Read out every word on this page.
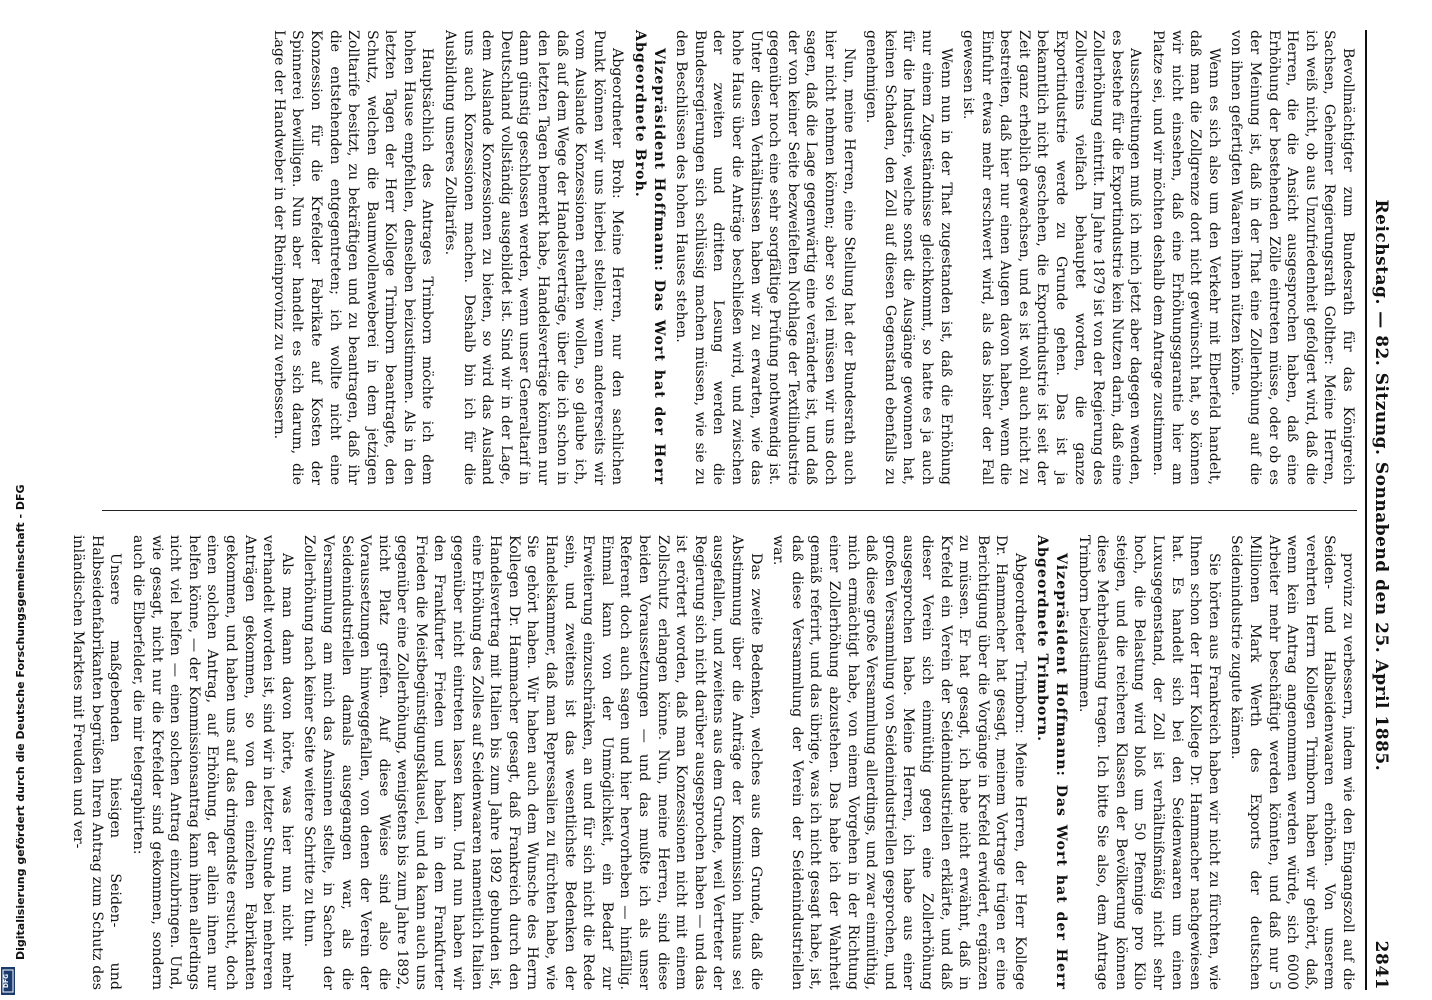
Digitalisierung gefördert durch die Deutsche Forschungsgemeinschaft - DFG
DFG
Reichstag. — 82. Sitzung. Sonnabend den 25. April 1885.
2841

Bevollmächtigter zum Bundesrath für das Königreich Sachsen, Geheimer Regierungsrath Golther: Meine Herren, ich weiß nicht, ob aus Unzufriedenheit gefolgert wird, daß die Herren, die die Ansicht ausgesprochen haben, daß eine Erhöhung der bestehenden Zölle eintreten müsse, oder ob es der Meinung ist, daß in der That eine Zollerhöhung auf die von ihnen gefertigten Waaren ihnen nützen könne.

Wenn es sich also um den Verkehr mit Elberfeld handelt, daß man die Zollgrenze dort nicht gewünscht hat, so können wir nicht einsehen, daß eine Erhöhungsgarantie hier am Platze sei, und wir möchten deshalb dem Antrage zustimmen.

Ausschreitungen muß ich mich jetzt aber dagegen wenden, es bestehe für die Exportindustrie kein Nutzen darin, daß eine Zollerhöhung eintritt. Im Jahre 1879 ist von der Regierung des Zollvereins vielfach behauptet worden, die ganze Exportindustrie werde zu Grunde gehen. Das ist ja bekanntlich nicht geschehen, die Exportindustrie ist seit der Zeit ganz erheblich gewachsen, und es ist wohl auch nicht zu bestreiten, daß hier nur einen Augen davon haben, wenn die Einfuhr etwas mehr erschwert wird, als das bisher der Fall gewesen ist.

Wenn nun in der That zugestanden ist, daß die Erhöhung nur einem Zugeständnisse gleichkommt, so hatte es ja auch für die Industrie, welche sonst die Ausgänge gewonnen hat, keinen Schaden, den Zoll auf diesen Gegenstand ebenfalls zu genehmigen.

Nun, meine Herren, eine Stellung hat der Bundesrath auch hier nicht nehmen können; aber so viel müssen wir uns doch sagen, daß die Lage gegenwärtig eine veränderte ist, und daß der von keiner Seite bezweifelten Nothlage der Textilindustrie gegenüber noch eine sehr sorgfältige Prüfung nothwendig ist. Unter diesen Verhältnissen haben wir zu erwarten, wie das hohe Haus über die Anträge beschließen wird, und zwischen der zweiten und dritten Lesung werden die Bundesregierungen sich schlüssig machen müssen, wie sie zu den Beschlüssen des hohen Hauses stehen.

Vizepräsident Hoffmann: Das Wort hat der Herr Abgeordnete Broh.

Abgeordneter Broh: Meine Herren, nur den sachlichen Punkt können wir uns hierbei stellen; wenn andererseits wir vom Auslande Konzessionen erhalten wollen, so glaube ich, daß auf dem Wege der Handelsverträge, über die ich schon in den letzten Tagen bemerkt habe, Handelsverträge können nur dann günstig geschlossen werden, wenn unser Generaltarif in Deutschland vollständig ausgebildet ist. Sind wir in der Lage, dem Auslande Konzessionen zu bieten, so wird das Ausland uns auch Konzessionen machen. Deshalb bin ich für die Ausbildung unseres Zolltarifes.

Hauptsächlich des Antrages Trimborn möchte ich dem hohen Hause empfehlen, denselben beizustimmen. Als in den letzten Tagen der Herr Kollege Trimborn beantragte, den Schutz, welchen die Baumwollenweberei in dem jetzigen Zolltarife besitzt, zu bekräftigen und zu beantragen, daß ihr die entstehenden entgegentreten; ich wollte nicht eine Konzession für die Krefelder Fabrikate auf Kosten der Spinnerei bewilligen. Nun aber handelt es sich darum, die Lage der Handweber in der Rheinprovinz zu verbessern.

provinz zu verbessern, indem wie den Eingangszoll auf die Seiden- und Halbseidenwaaren erhöhen. Von unserem verehrten Herrn Kollegen Trimborn haben wir gehört, daß, wenn kein Antrag angenommen werden würde, sich 6000 Arbeiter mehr beschäftigt werden könnten, und daß nur 5 Millionen Mark Werth des Exports der deutschen Seidenindustrie zugute kämen.

Sie hörten aus Frankreich haben wir nicht zu fürchten, wie Ihnen schon der Herr Kollege Dr. Hammacher nachgewiesen hat. Es handelt sich bei den Seidenwaaren um einen Luxusgegenstand, der Zoll ist verhältnißmäßig nicht sehr hoch, die Belastung wird bloß um 50 Pfennige pro Kilo steigen, und die reicheren Klassen der Bevölkerung können diese Mehrbelastung tragen. Ich bitte Sie also, dem Antrage Trimborn beizustimmen.

Vizepräsident Hoffmann: Das Wort hat der Herr Abgeordnete Trimborn.

Abgeordneter Trimborn: Meine Herren, der Herr Kollege Dr. Hammacher hat gesagt, meinem Vortrage trügen er eine Berichtigung über die Vorgänge in Krefeld erwidert, ergänzen zu müssen. Er hat gesagt, ich habe nicht erwähnt, daß in Krefeld ein Verein der Seidenindustriellen erklärte, und daß dieser Verein sich einmüthig gegen eine Zollerhöhung ausgesprochen habe. Meine Herren, ich habe aus einer großen Versammlung von Seidenindustriellen gesprochen, und daß diese große Versammlung allerdings, und zwar einmüthig, mich ermächtigt habe, von einem Vorgehen in der Richtung einer Zollerhöhung abzustehen. Das habe ich der Wahrheit gemäß referirt, und das übrige, was ich nicht gesagt habe, ist, daß diese Versammlung der Verein der Seidenindustriellen war.

Das zweite Bedenken, welches aus dem Grunde, daß die Abstimmung über die Anträge der Kommission hinaus sei ausgefallen, und zweitens aus dem Grunde, weil Vertreter der Regierung sich nicht darüber ausgesprochen haben — und das ist erörtert worden, daß man Konzessionen nicht mit einem Zollschutz erlangen könne. Nun, meine Herren, sind diese beiden Voraussetzungen — und das mußte ich als unser Referent doch auch sagen und hier hervorheben — hinfällig. Einmal kann von der Unmöglichkeit, ein Bedarf zur Erweiterung einzuschränken, an und für sich nicht die Rede sein, und zweitens ist das wesentlichste Bedenken der Handelskammer, daß man Repressalien zu fürchten habe, wie Sie gehört haben. Wir haben auch dem Wunsche des Herrn Kollegen Dr. Hammacher gesagt, daß Frankreich durch den Handelsvertrag mit Italien bis zum Jahre 1892 gebunden ist, eine Erhöhung des Zolles auf Seidenwaaren namentlich Italien gegenüber nicht eintreten lassen kann. Und nun haben wir den Frankfurter Frieden und haben in dem Frankfurter Frieden die Meistbegünstigungsklausel, und da kann auch uns gegenüber eine Zollerhöhung, wenigstens bis zum Jahre 1892, nicht Platz greifen. Auf diese Weise sind also die Voraussetzungen hinweggefallen, von denen der Verein der Seidenindustriellen damals ausgegangen war, als die Versammlung am mich das Ansinnen stellte, in Sachen der Zollerhöhung nach keiner Seite weitere Schritte zu thun.

Als man dann davon hörte, was hier nun nicht mehr verhandelt worden ist, sind wir in letzter Stunde bei mehreren Anträgen gekommen, so von den einzelnen Fabrikanten gekommen, und haben uns auf das dringendste ersucht, doch einen solchen Antrag, auf Erhöhung, der allein ihnen nur helfen könne, — der Kommissionsantrag kann ihnen allerdings nicht viel helfen — einen solchen Antrag einzubringen. Und, wie gesagt, nicht nur die Krefelder sind gekommen, sondern auch die Elberfelder, die mir telegraphirten:

Unsere maßgebenden hiesigen Seiden- und Halbseidenfabrikanten begrüßen Ihren Antrag zum Schutz des inländischen Marktes mit Freuden und ver-
